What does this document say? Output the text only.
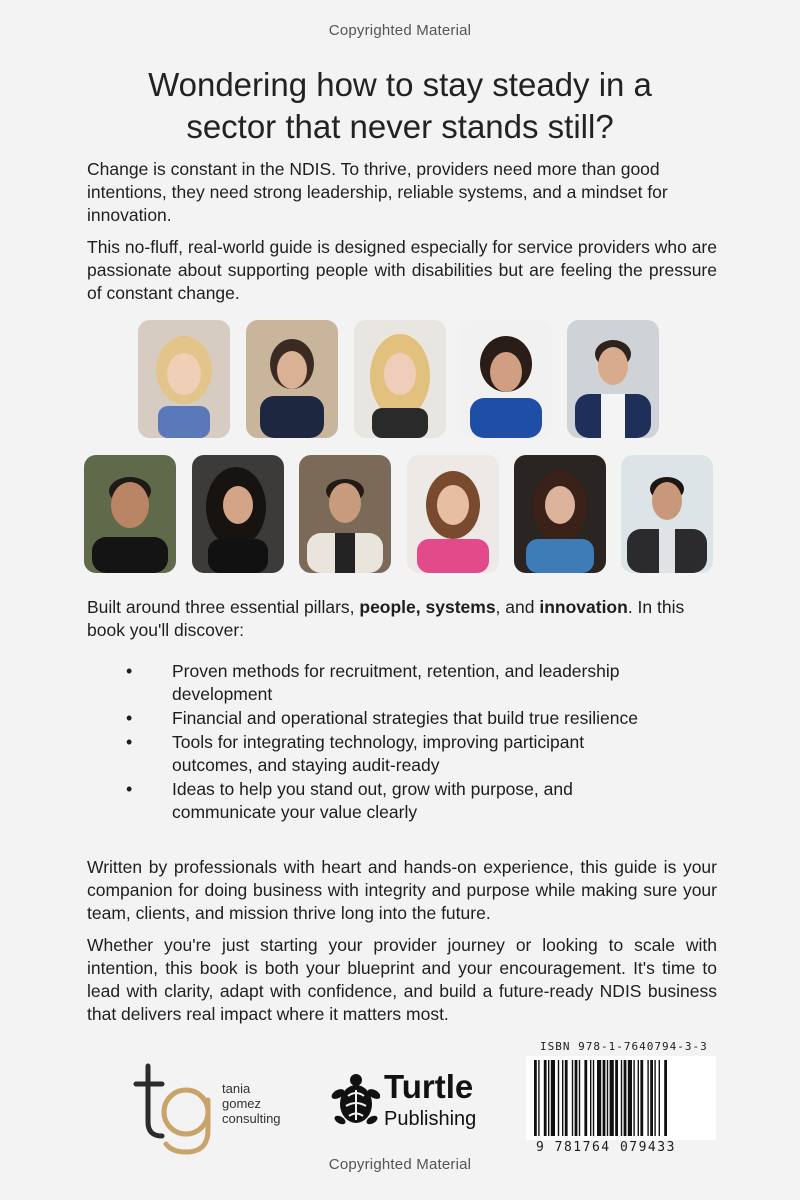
Copyrighted Material
Wondering how to stay steady in a
sector that never stands still?

Change is constant in the NDIS. To thrive, providers need more than good intentions, they need strong leadership, reliable systems, and a mindset for innovation.

This no-fluff, real-world guide is designed especially for service providers who are passionate about supporting people with disabilities but are feeling the pressure of constant change.

Built around three essential pillars, people, systems, and innovation. In this book you'll discover:

• Proven methods for recruitment, retention, and leadership development
• Financial and operational strategies that build true resilience
• Tools for integrating technology, improving participant outcomes, and staying audit-ready
• Ideas to help you stand out, grow with purpose, and communicate your value clearly

Written by professionals with heart and hands-on experience, this guide is your companion for doing business with integrity and purpose while making sure your team, clients, and mission thrive long into the future.

Whether you're just starting your provider journey or looking to scale with intention, this book is both your blueprint and your encouragement. It's time to lead with clarity, adapt with confidence, and build a future-ready NDIS business that delivers real impact where it matters most.

tania
gomez
consulting
Turtle
Publishing
ISBN 978-1-7640794-3-3
9 781764 079433
Copyrighted Material
